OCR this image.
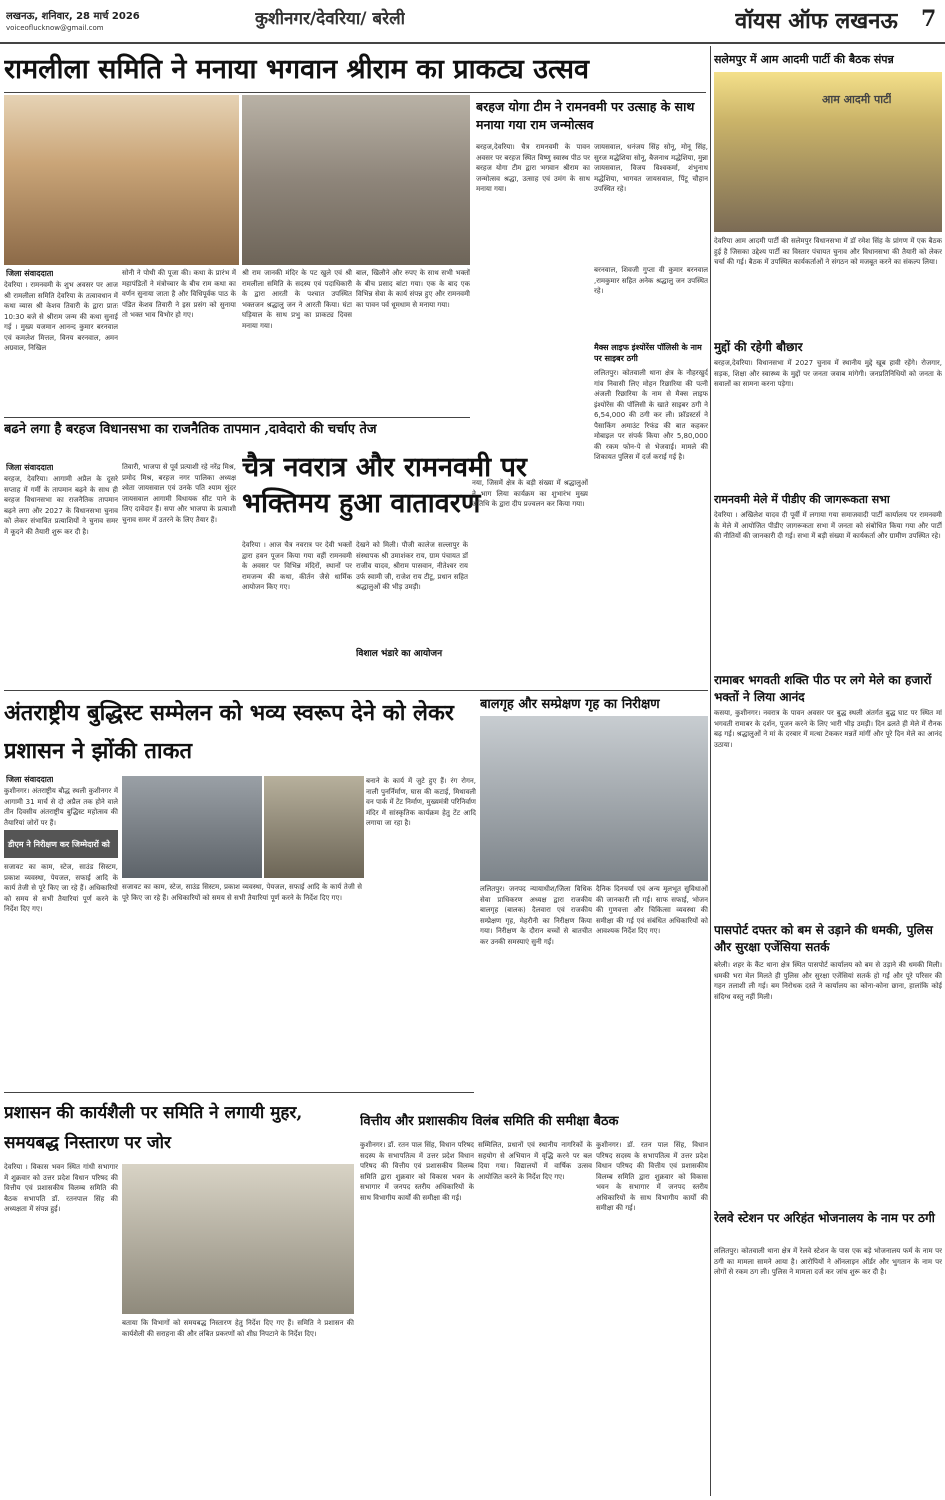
लखनऊ, शनिवार, 28 मार्च 2026
voiceoflucknow@gmail.com	कुशीनगर/देवरिया/ बरेली	वॉयस ऑफ लखनऊ 7
रामलीला समिति ने मनाया भगवान श्रीराम का प्राकट्य उत्सव
बरहज योगा टीम ने रामनवमी पर उत्साह के साथ मनाया गया राम जन्मोत्सव
बरहज,देवरिया। चैत्र रामनवमी के पावन अवसर पर बरहज स्थित विष्णु स्वास्थ पीठ पर बरहज योगा टीम द्वारा भगवान श्रीराम का जन्मोत्सव श्रद्धा, उत्साह एवं उमंग के साथ मनाया गया।
जायसवाल, धनंजय सिंह सोनू, मोनू सिंह, सुरज मद्धेशिया सोनू, बैजनाथ मद्धेशिया, मुन्ना जायसवाल, विजय विश्वकर्मा, शंभुनाथ मद्धेशिया, भागवत जायसवाल, पिंटू चौहान उपस्थित रहे।
बरनवाल, शिवजी गुप्ता वी कुमार बरनवाल ,रामकुमार सहित अनेक श्रद्धालु जन उपस्थित रहे।
जिला संवाददाता
देवरिया । रामनवमी के शुभ अवसर पर आज श्री रामलीला समिति देवरिया के तत्वावधान में कथा व्यास श्री केशव तिवारी के द्वारा प्रातः 10:30 बजे से श्रीराम जन्म की कथा सुनाई गई । मुख्य यजमान आनन्द कुमार बरनवाल एवं कमलेश मित्तल, विनय बरनवाल, अमन अग्रवाल, निखिल
सोनी ने पोथी की पूजा की। कथा के प्रारंभ में महापंडितों ने मंत्रोच्चार के बीच राम कथा का वर्णन सुनाया जाता है और विधिपूर्वक पाठ के पंडित केशव तिवारी ने इस प्रसंग को सुनाया तो भक्त भाव विभोर हो गए।
श्री राम जानकी मंदिर के पट खुले एवं श्री रामलीला समिति के सदस्य एवं पदाधिकारी के द्वारा आरती के पश्चात उपस्थित भक्तजन श्रद्धालु जन ने आरती किया। घंटा घड़ियाल के साथ प्रभु का प्राकट्य दिवस मनाया गया।
बाल, खिलौने और रुपए के साथ सभी भक्तों के बीच प्रसाद बांटा गया। एक के बाद एक विभिन्न सेवा के कार्य संपन्न हुए और रामनवमी का पावन पर्व धूमधाम से मनाया गया।
बढने लगा है बरहज विधानसभा का राजनैतिक तापमान ,दावेदारो की चर्चाए तेज
जिला संवाददाता
बरहज, देवरिया। आगामी अप्रैल के दूसरे सप्ताह में गर्मी के तापमान बढ़ने के साथ ही बरहज विधानसभा का राजनैतिक तापमान बढ़ने लगा और 2027 के विधानसभा चुनाव को लेकर संभावित प्रत्याशियों ने चुनाव समर में कूदने की तैयारी शुरू कर दी है।
तिवारी, भाजपा से पूर्व प्रत्याशी रहे नरेंद्र मिश्र, प्रमोद मिश्र, बरहज नगर पालिका अध्यक्ष श्वेता जायसवाल एवं उनके पति श्याम सुंदर जायसवाल आगामी विधायक सीट पाने के लिए दावेदार हैं। सपा और भाजपा के प्रत्याशी चुनाव समर में उतरने के लिए तैयार हैं।
चैत्र नवरात्र और रामनवमी पर भक्तिमय हुआ वातावरण
देवरिया । आज चैत्र नवरात्र पर देवी भक्तों द्वारा हवन पूजन किया गया वहीं रामनवमी के अवसर पर विभिन्न मंदिरों, स्थानों पर रामजन्म की कथा, कीर्तन जैसे धार्मिक आयोजन किए गए।
देखने को मिली। पौजी कालेज सल्लापुर के संस्थापक श्री उमाशंकर राय, ग्राम पंचायत डॉ राजीव यादव, श्रीराम पासवान, नीतेश्वर राय उर्फ स्वामी जी, राजेश राय टीटू, प्रधान सहित श्रद्धालुओं की भीड़ उमड़ी।
नया, जिसमें क्षेत्र के बड़ी संख्या में श्रद्धालुओं ने भाग लिया कार्यक्रम का शुभारंभ मुख्य अतिथि के द्वारा दीप प्रज्वलन कर किया गया।
विशाल भंडारे का आयोजन
मैक्स लाइफ इंश्योरेंस पॉलिसी के नाम पर साइबर ठगी
ललितपुर। कोतवाली थाना क्षेत्र के नौहरखुर्द गांव निवासी लिए मोहन रिछारिया की पत्नी अंजली रिछारिया के नाम से मैक्स लाइफ इंश्योरेंस की पॉलिसी के खाते साइबर ठगी ने 6,54,000 की ठगी कर ली। फ्रॉडस्टर्स ने पैसाकिंग अमाउंट रिफंड की बात कहकर मोबाइल पर संपर्क किया और 5,80,000 की रकम फोन-पे से भेजवाई। मामले की शिकायत पुलिस में दर्ज कराई गई है।
सलेमपुर में आम आदमी पार्टी की बैठक संपन्न
आम आदमी पार्टी
देवरिया आम आदमी पार्टी की सलेमपुर विधानसभा में डॉ रमेश सिंह के प्रांगण में एक बैठक हुई है जिसका उद्देश्य पार्टी का विस्तार पंचायत चुनाव और विधानसभा की तैयारी को लेकर चर्चा की गई। बैठक में उपस्थित कार्यकर्ताओं ने संगठन को मजबूत करने का संकल्प लिया।
मुद्दों की रहेगी बौछार
बरहज,देवरिया। विधानसभा में 2027 चुनाव में स्थानीय मुद्दे खूब हावी रहेंगे। रोजगार, सड़क, शिक्षा और स्वास्थ्य के मुद्दों पर जनता जवाब मांगेगी। जनप्रतिनिधियों को जनता के सवालों का सामना करना पड़ेगा।
रामनवमी मेले में पीडीए की जागरूकता सभा
देवरिया । अखिलेश यादव दी पूर्वी में लगाया गया समाजवादी पार्टी कार्यालय पर रामनवमी के मेले में आयोजित पीडीए जागरूकता सभा में जनता को संबोधित किया गया और पार्टी की नीतियों की जानकारी दी गई। सभा में बड़ी संख्या में कार्यकर्ता और ग्रामीण उपस्थित रहे।
रामाबर भगवती शक्ति पीठ पर लगे मेले का हजारों भक्तों ने लिया आनंद
कसया, कुशीनगर। नवरात्र के पावन अवसर पर बुद्ध स्थली अंतर्गत बुद्ध घाट पर स्थित मां भगवती रामाबर के दर्शन, पूजन करने के लिए भारी भीड़ उमड़ी। दिन ढलते ही मेले में रौनक बढ़ गई। श्रद्धालुओं ने मां के दरबार में मत्था टेककर मन्नतें मांगीं और पूरे दिन मेले का आनंद उठाया।
पासपोर्ट दफ्तर को बम से उड़ाने की धमकी, पुलिस और सुरक्षा एजेंसिया सतर्क
बरेली। शहर के कैंट थाना क्षेत्र स्थित पासपोर्ट कार्यालय को बम से उड़ाने की धमकी मिली। धमकी भरा मेल मिलते ही पुलिस और सुरक्षा एजेंसियां सतर्क हो गईं और पूरे परिसर की गहन तलाशी ली गई। बम निरोधक दस्ते ने कार्यालय का कोना-कोना छाना, हालांकि कोई संदिग्ध वस्तु नहीं मिली।
रेलवे स्टेशन पर अरिहंत भोजनालय के नाम पर ठगी
ललितपुर। कोतवाली थाना क्षेत्र में रेलवे स्टेशन के पास एक बड़े भोजनालय फर्म के नाम पर ठगी का मामला सामने आया है। आरोपियों ने ऑनलाइन ऑर्डर और भुगतान के नाम पर लोगों से रकम ठग ली। पुलिस ने मामला दर्ज कर जांच शुरू कर दी है।
अंतराष्ट्रीय बुद्धिस्ट सम्मेलन को भव्य स्वरूप देने को लेकर प्रशासन ने झोंकी ताकत
जिला संवाददाता
कुशीनगर। अंतराष्ट्रीय बौद्ध स्थली कुशीनगर में आगामी 31 मार्च से दो अप्रैल तक होने वाले तीन दिवसीय अंतराष्ट्रीय बुद्धिस्ट महोत्सव की तैयारियां जोरों पर हैं।
डीएम ने निरीक्षण कर जिम्मेदारों को
बनाने के कार्य में जुटे हुए हैं। रंग रोगन, नाली पुनर्निर्माण, घास की कटाई, मिथावली वन पार्क में टेंट निर्माण, मुख्यमंत्री परिनिर्वाण मंदिर में सांस्कृतिक कार्यक्रम हेतु टेंट आदि लगाया जा रहा है।
सजावट का काम, स्टेज, साउंड सिस्टम, प्रकाश व्यवस्था, पेयजल, सफाई आदि के कार्य तेजी से पूरे किए जा रहे हैं। अधिकारियों को समय से सभी तैयारियां पूर्ण करने के निर्देश दिए गए।
सजावट का काम, स्टेज, साउंड सिस्टम, प्रकाश व्यवस्था, पेयजल, सफाई आदि के कार्य तेजी से पूरे किए जा रहे हैं। अधिकारियों को समय से सभी तैयारियां पूर्ण करने के निर्देश दिए गए।
बालगृह और सम्प्रेक्षण गृह का निरीक्षण
ललितपुर। जनपद न्यायाधीश/जिला विधिक सेवा प्राधिकरण अध्यक्ष द्वारा राजकीय बालगृह (बालक) दैलवारा एवं राजकीय सम्प्रेक्षण गृह, मेहरौनी का निरीक्षण किया गया। निरीक्षण के दौरान बच्चों से बातचीत कर उनकी समस्याएं सुनी गईं।
दैनिक दिनचर्या एवं अन्य मूलभूत सुविधाओं की जानकारी ली गई। साफ सफाई, भोजन की गुणवत्ता और चिकित्सा व्यवस्था की समीक्षा की गई एवं संबंधित अधिकारियों को आवश्यक निर्देश दिए गए।
प्रशासन की कार्यशैली पर समिति ने लगायी मुहर, समयबद्ध निस्तारण पर जोर
देवरिया । विकास भवन स्थित गांधी सभागार में शुक्रवार को उत्तर प्रदेश विधान परिषद की वित्तीय एवं प्रशासकीय विलम्ब समिति की बैठक सभापति डॉ. रतनपाल सिंह की अध्यक्षता में संपन्न हुई।
बताया कि विभागों को समयबद्ध निस्तारण हेतु निर्देश दिए गए हैं। समिति ने प्रशासन की कार्यशैली की सराहना की और लंबित प्रकरणों को शीघ्र निपटाने के निर्देश दिए।
वित्तीय और प्रशासकीय विलंब समिति की समीक्षा बैठक
कुशीनगर। डॉ. रतन पाल सिंह, विधान परिषद सदस्य के सभापतित्व में उत्तर प्रदेश विधान परिषद की वित्तीय एवं प्रशासकीय विलम्ब समिति द्वारा शुक्रवार को विकास भवन के सभागार में जनपद स्तरीय अधिकारियों के साथ विभागीय कार्यों की समीक्षा की गई।
सम्मिलित, प्रधानों एवं स्थानीय नागरिकों के सहयोग से अभियान में वृद्धि करने पर बल दिया गया। विद्यालयों में वार्षिक उत्सव आयोजित करने के निर्देश दिए गए।
कुशीनगर। डॉ. रतन पाल सिंह, विधान परिषद सदस्य के सभापतित्व में उत्तर प्रदेश विधान परिषद की वित्तीय एवं प्रशासकीय विलम्ब समिति द्वारा शुक्रवार को विकास भवन के सभागार में जनपद स्तरीय अधिकारियों के साथ विभागीय कार्यों की समीक्षा की गई।
